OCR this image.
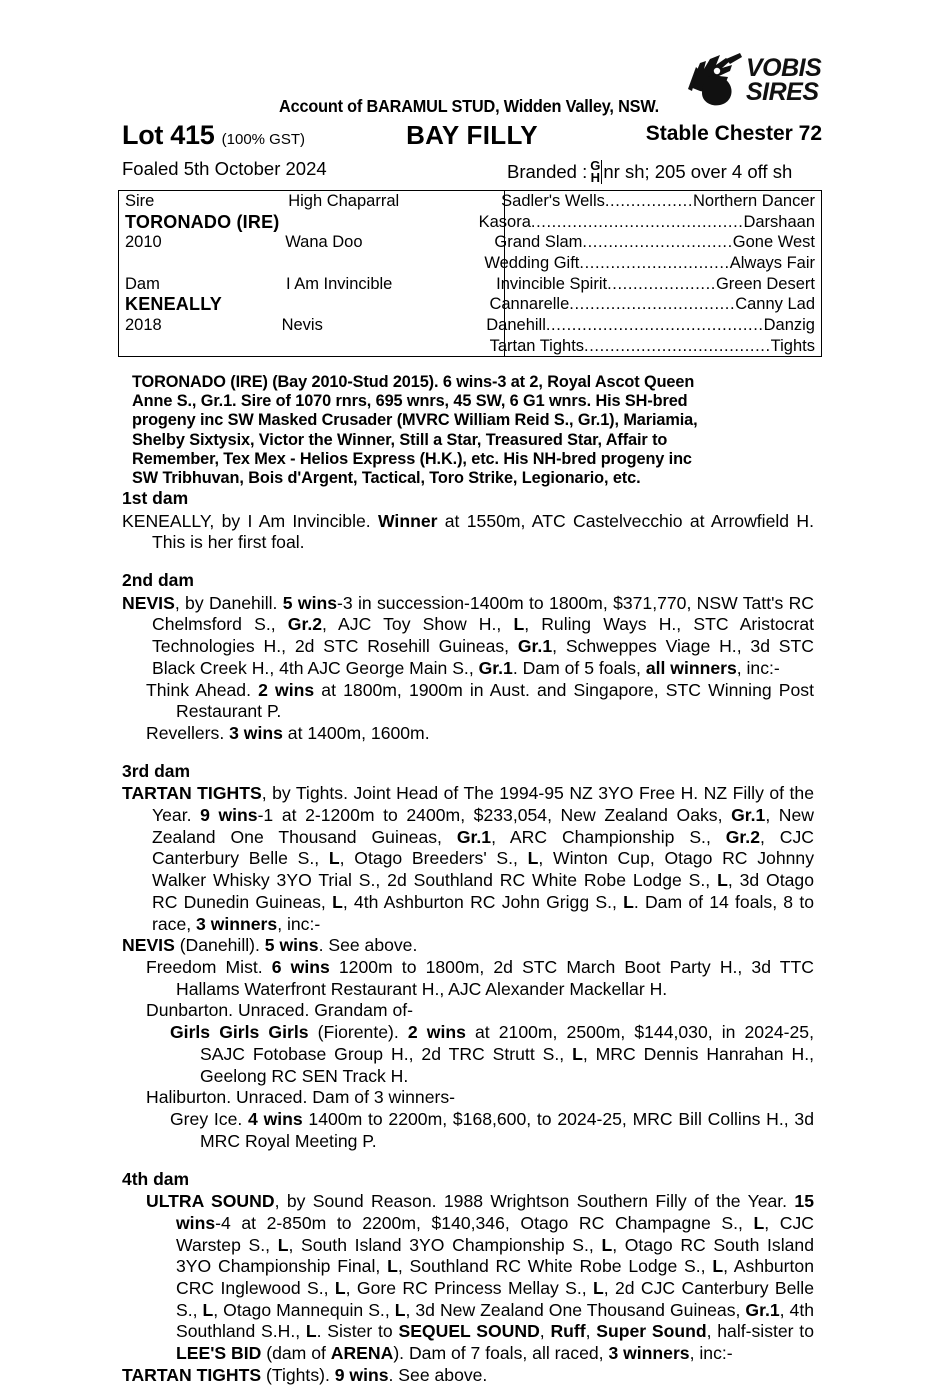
VOBIS
SIRES
Account of BARAMUL STUD, Widden Valley, NSW.
Lot 415 (100% GST)	BAY FILLY	Stable Chester 72
Foaled 5th October 2024	Branded : G
H nr sh; 205 over 4 off sh
Sire	High Chaparral	Sadler's Wells ................. Northern Dancer
TORONADO (IRE)	Kasora ......................................... Darshaan
2010	Wana Doo	Grand Slam ............................. Gone West
Wedding Gift ............................. Always Fair
Dam	I Am Invincible	Invincible Spirit ..................... Green Desert
KENEALLY	Cannarelle ................................ Canny Lad
2018	Nevis	Danehill .......................................... Danzig
Tartan Tights .................................... Tights
TORONADO (IRE) (Bay 2010-Stud 2015). 6 wins-3 at 2, Royal Ascot Queen
Anne S., Gr.1. Sire of 1070 rnrs, 695 wnrs, 45 SW, 6 G1 wnrs. His SH-bred
progeny inc SW Masked Crusader (MVRC William Reid S., Gr.1), Mariamia,
Shelby Sixtysix, Victor the Winner, Still a Star, Treasured Star, Affair to
Remember, Tex Mex - Helios Express (H.K.), etc. His NH-bred progeny inc
SW Tribhuvan, Bois d'Argent, Tactical, Toro Strike, Legionario, etc.
1st dam
KENEALLY, by I Am Invincible. Winner at 1550m, ATC Castelvecchio at Arrowfield H. This is her first foal.
2nd dam
NEVIS, by Danehill. 5 wins-3 in succession-1400m to 1800m, $371,770, NSW Tatt's RC Chelmsford S., Gr.2, AJC Toy Show H., L, Ruling Ways H., STC Aristocrat Technologies H., 2d STC Rosehill Guineas, Gr.1, Schweppes Viage H., 3d STC Black Creek H., 4th AJC George Main S., Gr.1. Dam of 5 foals, all winners, inc:-
Think Ahead. 2 wins at 1800m, 1900m in Aust. and Singapore, STC Winning Post Restaurant P.
Revellers. 3 wins at 1400m, 1600m.
3rd dam
TARTAN TIGHTS, by Tights. Joint Head of The 1994-95 NZ 3YO Free H. NZ Filly of the Year. 9 wins-1 at 2-1200m to 2400m, $233,054, New Zealand Oaks, Gr.1, New Zealand One Thousand Guineas, Gr.1, ARC Championship S., Gr.2, CJC Canterbury Belle S., L, Otago Breeders' S., L, Winton Cup, Otago RC Johnny Walker Whisky 3YO Trial S., 2d Southland RC White Robe Lodge S., L, 3d Otago RC Dunedin Guineas, L, 4th Ashburton RC John Grigg S., L. Dam of 14 foals, 8 to race, 3 winners, inc:-
NEVIS (Danehill). 5 wins. See above.
Freedom Mist. 6 wins 1200m to 1800m, 2d STC March Boot Party H., 3d TTC Hallams Waterfront Restaurant H., AJC Alexander Mackellar H.
Dunbarton. Unraced. Grandam of-
Girls Girls Girls (Fiorente). 2 wins at 2100m, 2500m, $144,030, in 2024-25, SAJC Fotobase Group H., 2d TRC Strutt S., L, MRC Dennis Hanrahan H., Geelong RC SEN Track H.
Haliburton. Unraced. Dam of 3 winners-
Grey Ice. 4 wins 1400m to 2200m, $168,600, to 2024-25, MRC Bill Collins H., 3d MRC Royal Meeting P.
4th dam
ULTRA SOUND, by Sound Reason. 1988 Wrightson Southern Filly of the Year. 15 wins-4 at 2-850m to 2200m, $140,346, Otago RC Champagne S., L, CJC Warstep S., L, South Island 3YO Championship S., L, Otago RC South Island 3YO Championship Final, L, Southland RC White Robe Lodge S., L, Ashburton CRC Inglewood S., L, Gore RC Princess Mellay S., L, 2d CJC Canterbury Belle S., L, Otago Mannequin S., L, 3d New Zealand One Thousand Guineas, Gr.1, 4th Southland S.H., L. Sister to SEQUEL SOUND, Ruff, Super Sound, half-sister to LEE'S BID (dam of ARENA). Dam of 7 foals, all raced, 3 winners, inc:-
TARTAN TIGHTS (Tights). 9 wins. See above.
